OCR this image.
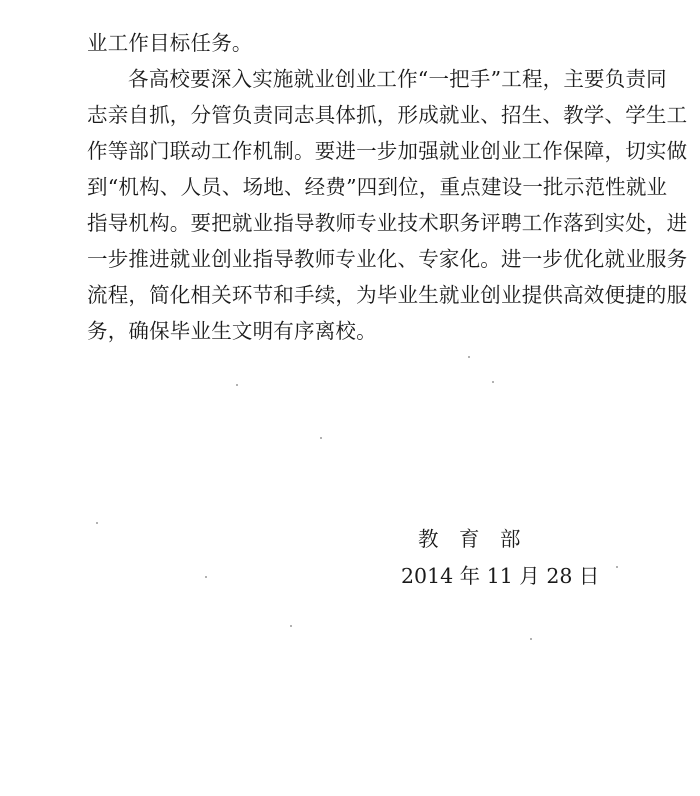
业工作目标任务。
各高校要深入实施就业创业工作“一把手”工程，主要负责同
志亲自抓，分管负责同志具体抓，形成就业、招生、教学、学生工
作等部门联动工作机制。要进一步加强就业创业工作保障，切实做
到“机构、人员、场地、经费”四到位，重点建设一批示范性就业
指导机构。要把就业指导教师专业技术职务评聘工作落到实处，进
一步推进就业创业指导教师专业化、专家化。进一步优化就业服务
流程，简化相关环节和手续，为毕业生就业创业提供高效便捷的服
务，确保毕业生文明有序离校。
教　育　部
2014 年 11 月 28 日
